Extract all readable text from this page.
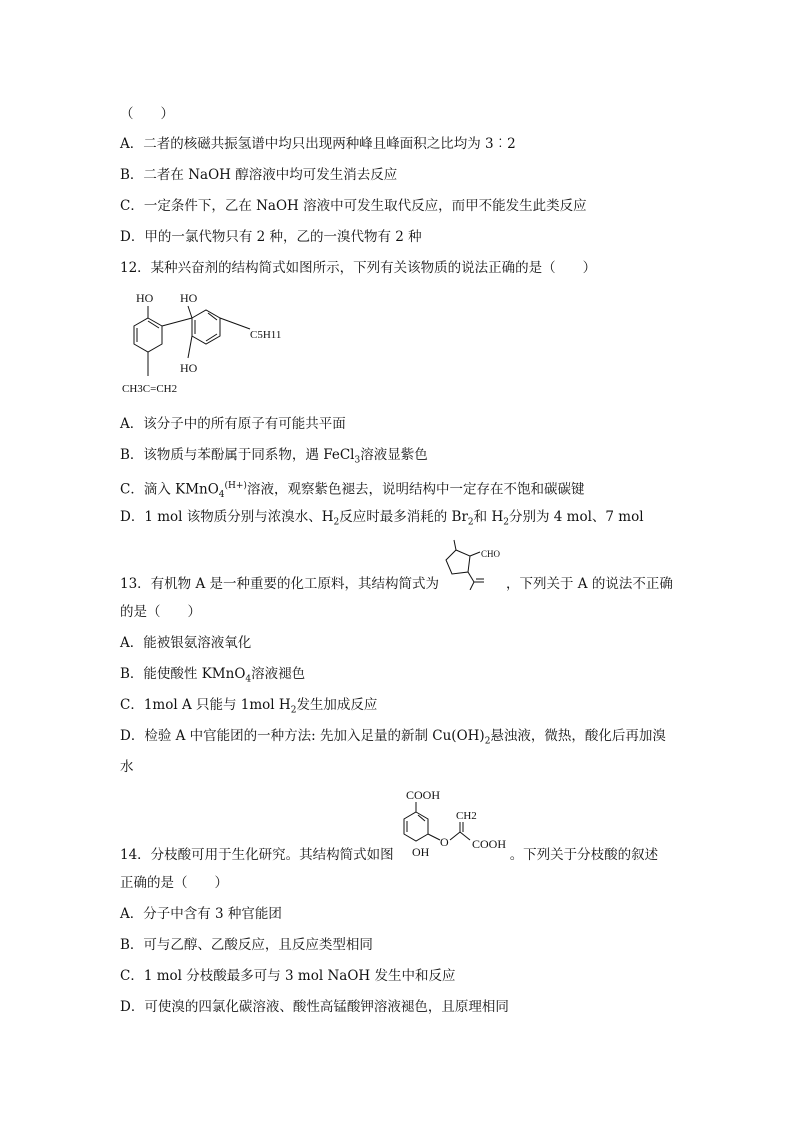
（　　）
A．二者的核磁共振氢谱中均只出现两种峰且峰面积之比均为 3︰2
B．二者在 NaOH 醇溶液中均可发生消去反应
C．一定条件下，乙在 NaOH 溶液中可发生取代反应，而甲不能发生此类反应
D．甲的一氯代物只有 2 种，乙的一溴代物有 2 种
12．某种兴奋剂的结构简式如图所示，下列有关该物质的说法正确的是（　　）
HO HO
C5H11
HO
CH3C=CH2
A．该分子中的所有原子有可能共平面
B．该物质与苯酚属于同系物，遇 FeCl$_3$溶液显紫色
C．滴入 KMnO$_4^{(H+)}$溶液，观察紫色褪去，说明结构中一定存在不饱和碳碳键
D．1 mol 该物质分别与浓溴水、$H_2$反应时最多消耗的 $Br_2$和 $H_2$分别为 4 mol、7 mol
CHO
13．有机物 A 是一种重要的化工原料，其结构简式为	，下列关于 A 的说法不正确
的是（　　）
A．能被银氨溶液氧化
B．能使酸性 KMnO$_4$溶液褪色
C．1mol A 只能与 1mol $H_2$发生加成反应
D．检验 A 中官能团的一种方法: 先加入足量的新制 $Cu(OH)_2$悬浊液，微热，酸化后再加溴
水
COOH
CH2
OH
O COOH
14．分枝酸可用于生化研究。其结构简式如图	。下列关于分枝酸的叙述
正确的是（　　）
A．分子中含有 3 种官能团
B．可与乙醇、乙酸反应，且反应类型相同
C．1 mol 分枝酸最多可与 3 mol NaOH 发生中和反应
D．可使溴的四氯化碳溶液、酸性高锰酸钾溶液褪色，且原理相同
